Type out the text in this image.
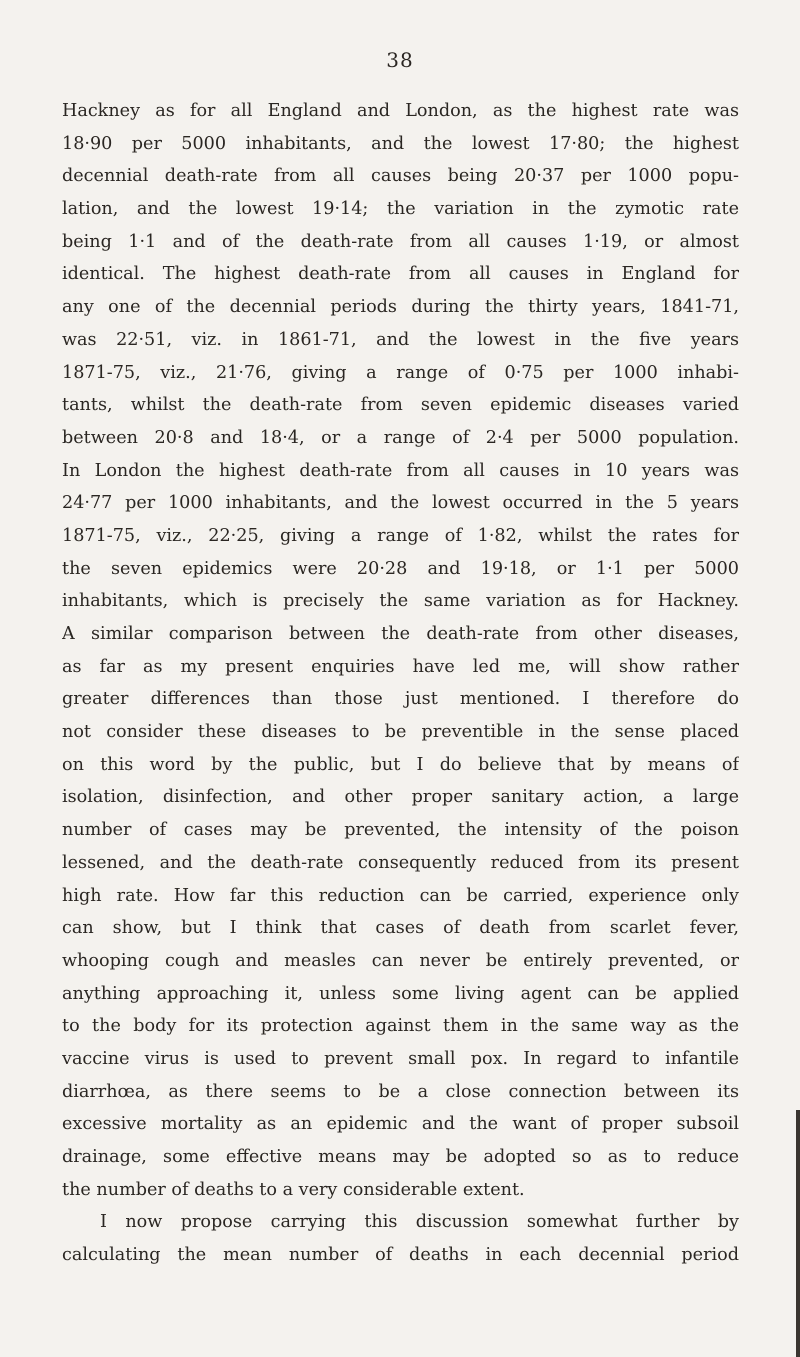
38
Hackney as for all England and London, as the highest rate was
18·90 per 5000 inhabitants, and the lowest 17·80; the highest
decennial death-rate from all causes being 20·37 per 1000 popu-
lation, and the lowest 19·14; the variation in the zymotic rate
being 1·1 and of the death-rate from all causes 1·19, or almost
identical. The highest death-rate from all causes in England for
any one of the decennial periods during the thirty years, 1841-71,
was 22·51, viz. in 1861-71, and the lowest in the five years
1871-75, viz., 21·76, giving a range of 0·75 per 1000 inhabi-
tants, whilst the death-rate from seven epidemic diseases varied
between 20·8 and 18·4, or a range of 2·4 per 5000 population.
In London the highest death-rate from all causes in 10 years was
24·77 per 1000 inhabitants, and the lowest occurred in the 5 years
1871-75, viz., 22·25, giving a range of 1·82, whilst the rates for
the seven epidemics were 20·28 and 19·18, or 1·1 per 5000
inhabitants, which is precisely the same variation as for Hackney.
A similar comparison between the death-rate from other diseases,
as far as my present enquiries have led me, will show rather
greater differences than those just mentioned. I therefore do
not consider these diseases to be preventible in the sense placed
on this word by the public, but I do believe that by means of
isolation, disinfection, and other proper sanitary action, a large
number of cases may be prevented, the intensity of the poison
lessened, and the death-rate consequently reduced from its present
high rate. How far this reduction can be carried, experience only
can show, but I think that cases of death from scarlet fever,
whooping cough and measles can never be entirely prevented, or
anything approaching it, unless some living agent can be applied
to the body for its protection against them in the same way as the
vaccine virus is used to prevent small pox. In regard to infantile
diarrhœa, as there seems to be a close connection between its
excessive mortality as an epidemic and the want of proper subsoil
drainage, some effective means may be adopted so as to reduce
the number of deaths to a very considerable extent.
I now propose carrying this discussion somewhat further by
calculating the mean number of deaths in each decennial period
